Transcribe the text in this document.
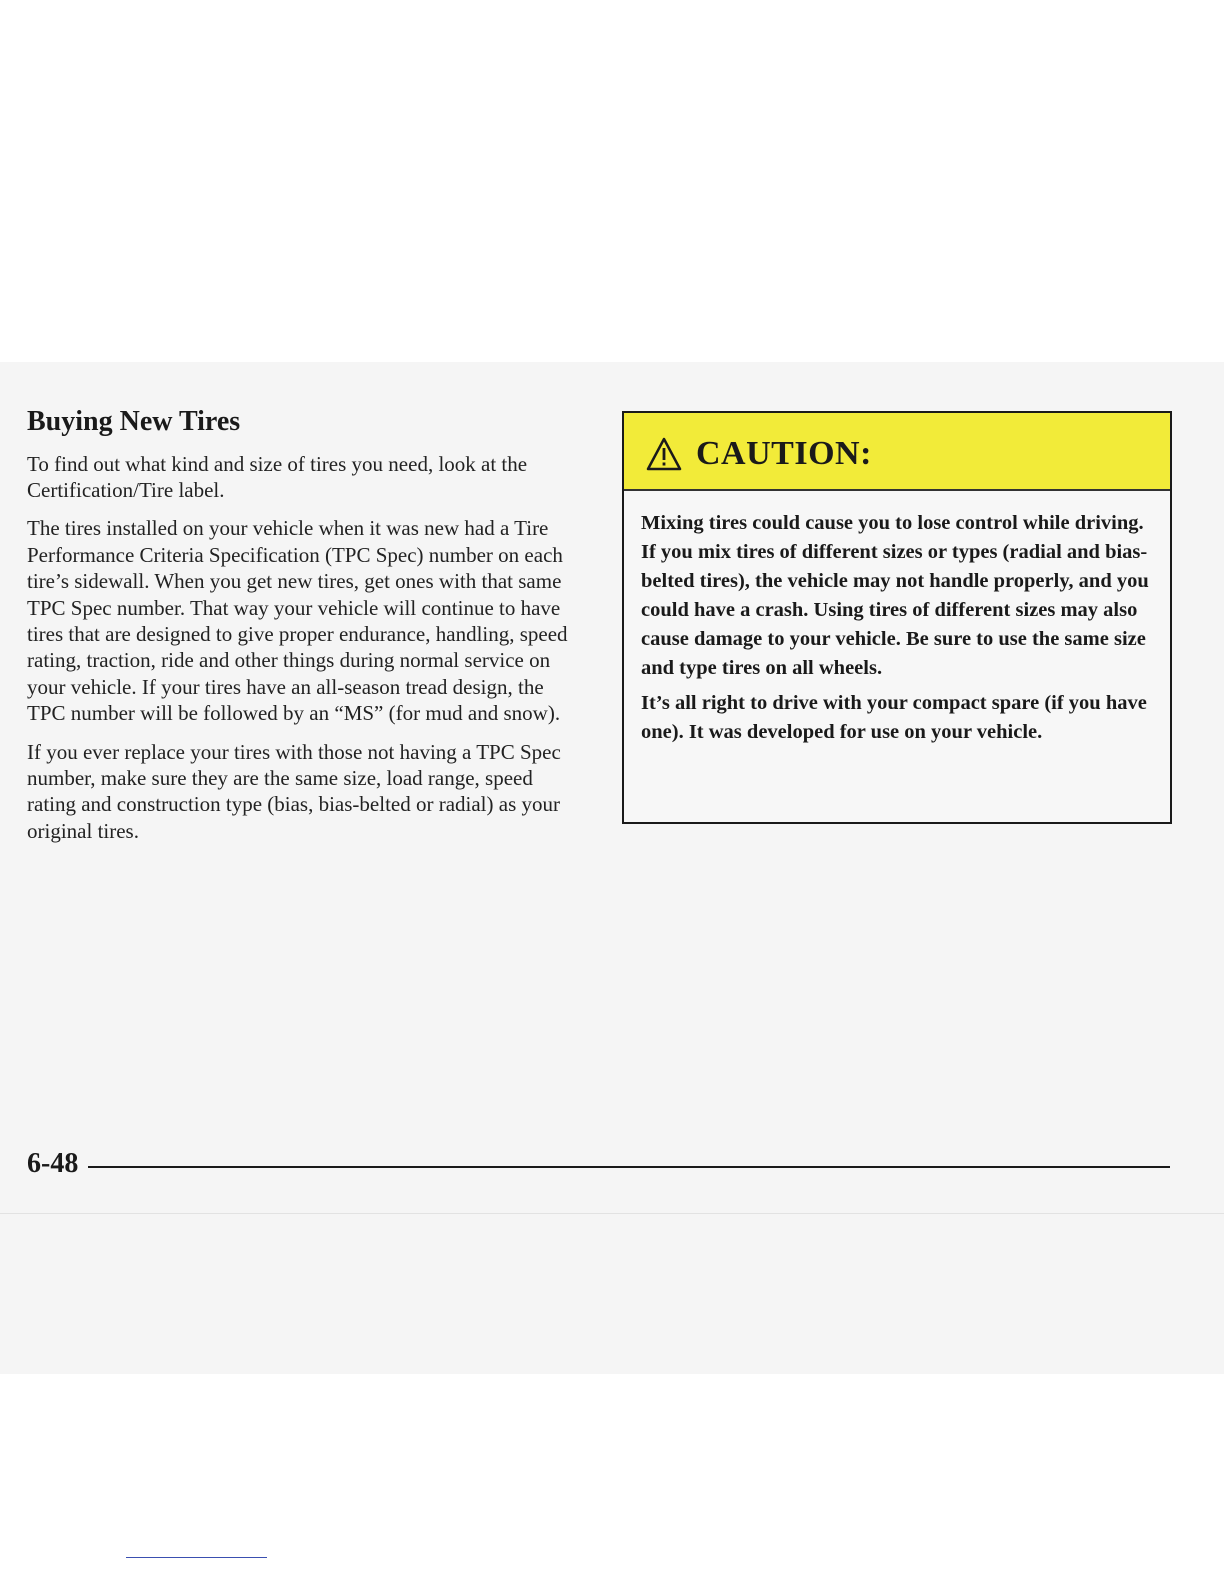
Buying New Tires

To find out what kind and size of tires you need, look at the Certification/Tire label.

The tires installed on your vehicle when it was new had a Tire Performance Criteria Specification (TPC Spec) number on each tire’s sidewall. When you get new tires, get ones with that same TPC Spec number. That way your vehicle will continue to have tires that are designed to give proper endurance, handling, speed rating, traction, ride and other things during normal service on your vehicle. If your tires have an all-season tread design, the TPC number will be followed by an “MS” (for mud and snow).

If you ever replace your tires with those not having a TPC Spec number, make sure they are the same size, load range, speed rating and construction type (bias, bias-belted or radial) as your original tires.

CAUTION:

Mixing tires could cause you to lose control while driving. If you mix tires of different sizes or types (radial and bias-belted tires), the vehicle may not handle properly, and you could have a crash. Using tires of different sizes may also cause damage to your vehicle. Be sure to use the same size and type tires on all wheels.

It’s all right to drive with your compact spare (if you have one). It was developed for use on your vehicle.

6-48
